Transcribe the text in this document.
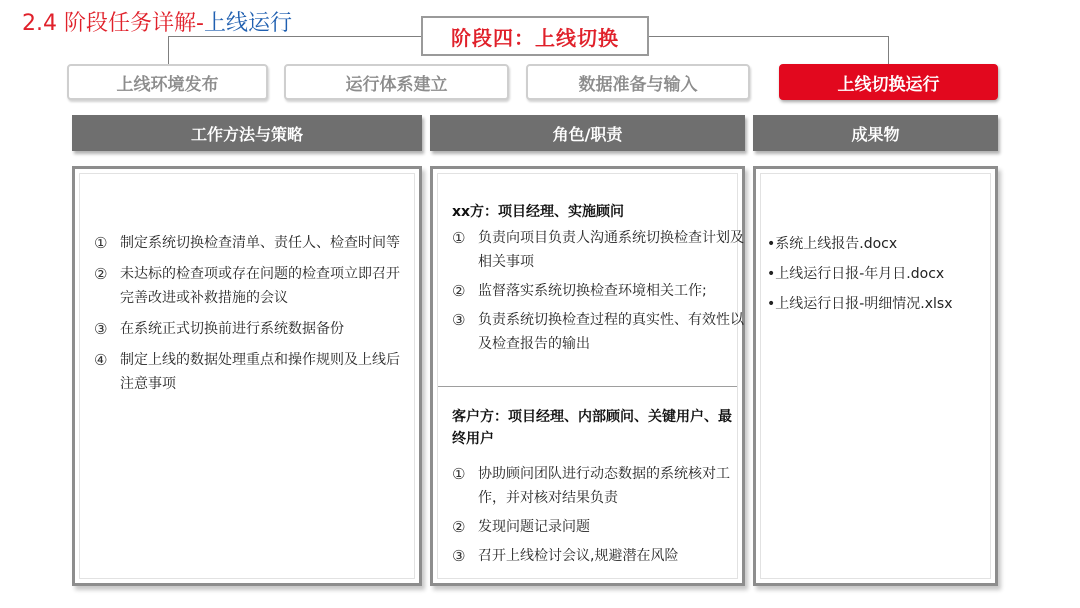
2.4 阶段任务详解-上线运行
阶段四：上线切换
上线环境发布	运行体系建立	数据准备与输入	上线切换运行
工作方法与策略	角色/职责	成果物
① 制定系统切换检查清单、责任人、检查时间等
② 未达标的检查项或存在问题的检查项立即召开完善改进或补救措施的会议
③ 在系统正式切换前进行系统数据备份
④ 制定上线的数据处理重点和操作规则及上线后注意事项
xx方：项目经理、实施顾问
① 负责向项目负责人沟通系统切换检查计划及相关事项
② 监督落实系统切换检查环境相关工作;
③ 负责系统切换检查过程的真实性、有效性以及检查报告的输出
客户方：项目经理、内部顾问、关键用户、最终用户
① 协助顾问团队进行动态数据的系统核对工作，并对核对结果负责
② 发现问题记录问题
③ 召开上线检讨会议,规避潜在风险
•系统上线报告.docx
•上线运行日报-年月日.docx
•上线运行日报-明细情况.xlsx
